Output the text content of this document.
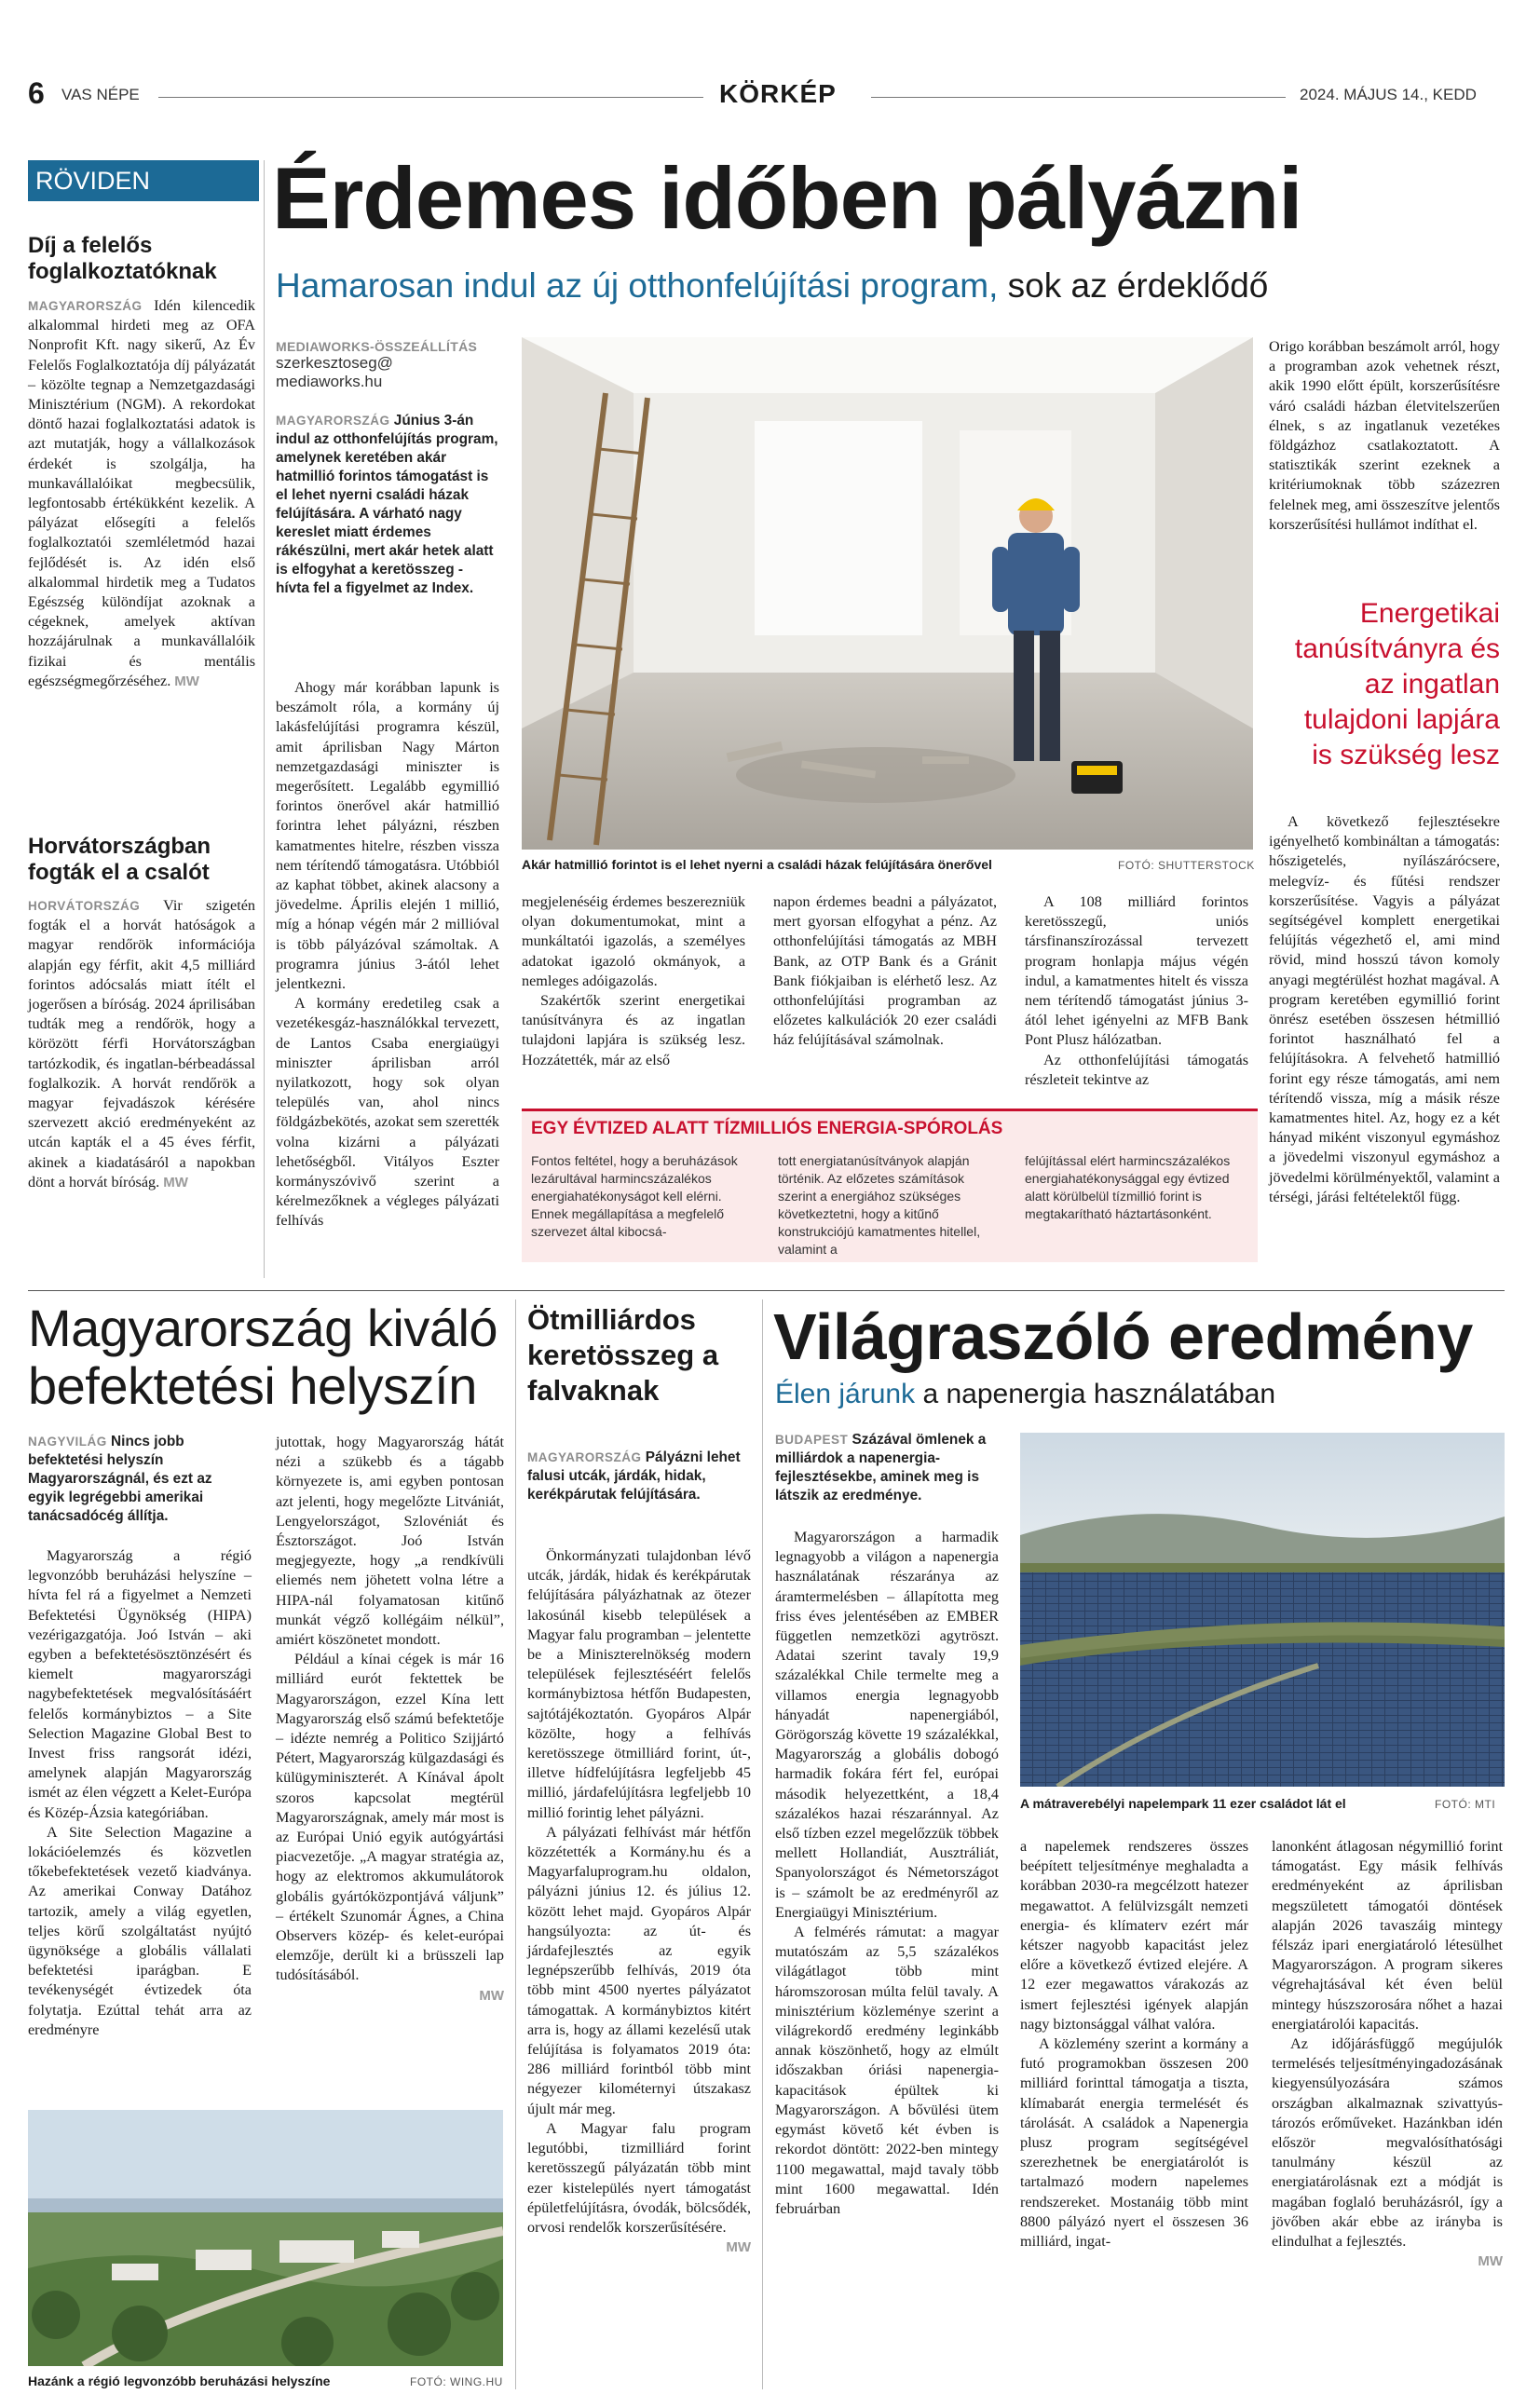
6 VAS NÉPE	KÖRKÉP	2024. MÁJUS 14., KEDD
RÖVIDEN
Díj a felelős foglalkoztatóknak

MAGYARORSZÁG Idén kilencedik alkalommal hirdeti meg az OFA Nonprofit Kft. nagy sikerű, Az Év Felelős Foglalkoztatója díj pályázatát – közölte tegnap a Nemzetgazdasági Minisztérium (NGM). A rekordokat döntő hazai foglalkoztatási adatok is azt mutatják, hogy a vállalkozások érdekét is szolgálja, ha munkavállalóikat megbecsülik, legfontosabb értékükként kezelik. A pályázat elősegíti a felelős foglalkoztatói szemléletmód hazai fejlődését is. Az idén első alkalommal hirdetik meg a Tudatos Egészség különdíjat azoknak a cégeknek, amelyek aktívan hozzájárulnak a munkavállalóik fizikai és mentális egészségmegőrzéséhez. MW

Horvátországban fogták el a csalót

HORVÁTORSZÁG Vir szigetén fogták el a horvát hatóságok a magyar rendőrök információja alapján egy férfit, akit 4,5 milliárd forintos adócsalás miatt ítélt el jogerősen a bíróság. 2024 áprilisában tudták meg a rendőrök, hogy a körözött férfi Horvátországban tartózkodik, és ingatlan-bérbeadással foglalkozik. A horvát rendőrök a magyar fejvadászok kérésére szervezett akció eredményeként az utcán kapták el a 45 éves férfit, akinek a kiadatásáról a napokban dönt a horvát bíróság. MW

Érdemes időben pályázni
Hamarosan indul az új otthonfelújítási program, sok az érdeklődő
MEDIAWORKS-ÖSSZEÁLLÍTÁS
szerkesztoseg@
mediaworks.hu
MAGYARORSZÁG Június 3-án indul az otthonfelújítás program, amelynek keretében akár hatmillió forintos támogatást is el lehet nyerni családi házak felújítására. A várható nagy kereslet miatt érdemes rákészülni, mert akár hetek alatt is elfogyhat a keretösszeg - hívta fel a figyelmet az Index.

Ahogy már korábban lapunk is beszámolt róla, a kormány új lakásfelújítási programra készül, amit áprilisban Nagy Márton nemzetgazdasági miniszter is megerősített. Legalább egymillió forintos önerővel akár hatmillió forintra lehet pályázni, részben kamatmentes hitelre, részben vissza nem térítendő támogatásra. Utóbbiól az kaphat többet, akinek alacsony a jövedelme. Április elején 1 millió, míg a hónap végén már 2 millióval is több pályázóval számoltak. A programra június 3-ától lehet jelentkezni.

A kormány eredetileg csak a vezetékesgáz-használókkal tervezett, de Lantos Csaba energiaügyi miniszter áprilisban arról nyilatkozott, hogy sok olyan település van, ahol nincs földgázbekötés, azokat sem szerették volna kizárni a pályázati lehetőségből. Vitályos Eszter kormányszóvivő szerint a kérelmezőknek a végleges pályázati felhívás

Akár hatmillió forintot is el lehet nyerni a családi házak felújítására önerővel	FOTÓ: SHUTTERSTOCK

megjelenéséig érdemes beszerezniük olyan dokumentumokat, mint a munkáltatói igazolás, a személyes adatokat igazoló okmányok, a nemleges adóigazolás.

Szakértők szerint energetikai tanúsítványra és az ingatlan tulajdoni lapjára is szükség lesz. Hozzátették, már az első

napon érdemes beadni a pályázatot, mert gyorsan elfogyhat a pénz. Az otthonfelújítási támogatás az MBH Bank, az OTP Bank és a Gránit Bank fiókjaiban is elérhető lesz. Az otthonfelújítási programban az előzetes kalkulációk 20 ezer családi ház felújításával számolnak.

A 108 milliárd forintos keretösszegű, uniós társfinanszírozással tervezett program honlapja május végén indul, a kamatmentes hitelt és vissza nem térítendő támogatást június 3-ától lehet igényelni az MFB Bank Pont Plusz hálózatban.

Az otthonfelújítási támogatás részleteit tekintve az

Origo korábban beszámolt arról, hogy a programban azok vehetnek részt, akik 1990 előtt épült, korszerűsítésre váró családi házban életvitelszerűen élnek, s az ingatlanuk vezetékes földgázhoz csatlakoztatott. A statisztikák szerint ezeknek a kritériumoknak több százezren felelnek meg, ami összeszítve jelentős korszerűsítési hullámot indíthat el.

Energetikai tanúsítványra és az ingatlan tulajdoni lapjára is szükség lesz

A következő fejlesztésekre igényelhető kombináltan a támogatás: hőszigetelés, nyílászárócsere, melegvíz- és fűtési rendszer korszerűsítése. Vagyis a pályázat segítségével komplett energetikai felújítás végezhető el, ami mind rövid, mind hosszú távon komoly anyagi megtérülést hozhat magával. A program keretében egymillió forint önrész esetében összesen hétmillió forintot használható fel a felújításokra. A felvehető hatmillió forint egy része támogatás, ami nem térítendő vissza, míg a másik része kamatmentes hitel. Az, hogy ez a két hányad miként viszonyul egymáshoz a jövedelmi viszonyul egymáshoz a jövedelmi körülményektől, valamint a térségi, járási feltételektől függ.

EGY ÉVTIZED ALATT TÍZMILLIÓS ENERGIA-SPÓROLÁS
Fontos feltétel, hogy a beruházások lezárultával harmincszázalékos energiahatékonyságot kell elérni. Ennek megállapítása a megfelelő szervezet által kibocsá-
tott energiatanúsítványok alapján történik. Az előzetes számítások szerint a energiához szükséges következtetni, hogy a kitűnő konstrukciójú kamatmentes hitellel, valamint a
felújítással elért harmincszázalékos energiahatékonysággal egy évtized alatt körülbelül tízmillió forint is megtakarítható háztartásonként.
Magyarország kiváló befektetési helyszín
NAGYVILÁG Nincs jobb befektetési helyszín Magyarországnál, és ezt az egyik legrégebbi amerikai tanácsadócég állítja.

Magyarország a régió legvonzóbb beruházási helyszíne – hívta fel rá a figyelmet a Nemzeti Befektetési Ügynökség (HIPA) vezérigazgatója. Joó István – aki egyben a befektetésösztönzésért és kiemelt magyarországi nagybefektetések megvalósításáért felelős kormánybiztos – a Site Selection Magazine Global Best to Invest friss rangsorát idézi, amelynek alapján Magyarország ismét az élen végzett a Kelet-Európa és Közép-Ázsia kategóriában.

A Site Selection Magazine a lokációelemzés és közvetlen tőkebefektetések vezető kiadványa. Az amerikai Conway Datához tartozik, amely a világ egyetlen, teljes körű szolgáltatást nyújtó ügynöksége a globális vállalati befektetési iparágban. E tevékenységét évtizedek óta folytatja. Ezúttal tehát arra az eredményre

jutottak, hogy Magyarország hátát nézi a szükebb és a tágabb környezete is, ami egyben pontosan azt jelenti, hogy megelőzte Litvániát, Lengyelországot, Szlovéniát és Észtországot. Joó István megjegyezte, hogy „a rendkívüli eliemés nem jöhetett volna létre a HIPA-nál folyamatosan kitűnő munkát végző kollégáim nélkül”, amiért köszönetet mondott.

Például a kínai cégek is már 16 milliárd eurót fektettek be Magyarországon, ezzel Kína lett Magyarország első számú befektetője – idézte nemrég a Politico Szijjártó Pétert, Magyarország külgazdasági és külügyminiszterét. A Kínával ápolt szoros kapcsolat megtérül Magyarországnak, amely már most is az Európai Unió egyik autógyártási piacvezetője. „A magyar stratégia az, hogy az elektromos akkumulátorok globális gyártóközpontjává váljunk” – értékelt Szunomár Ágnes, a China Observers közép- és kelet-európai elemzője, derült ki a brüsszeli lap tudósításából.

MW

Hazánk a régió legvonzóbb beruházási helyszíne	FOTÓ: WING.HU
Ötmilliárdos keretösszeg a falvaknak
MAGYARORSZÁG Pályázni lehet falusi utcák, járdák, hidak, kerékpárutak felújítására.

Önkormányzati tulajdonban lévő utcák, járdák, hidak és kerékpárutak felújítására pályázhatnak az ötezer lakosúnál kisebb települések a Magyar falu programban – jelentette be a Miniszterelnökség modern települések fejlesztéséért felelős kormánybiztosa hétfőn Budapesten, sajtótájékoztatón. Gyopáros Alpár közölte, hogy a felhívás keretösszege ötmilliárd forint, út-, illetve hídfelújításra legfeljebb 45 millió, járdafelújításra legfeljebb 10 millió forintig lehet pályázni.

A pályázati felhívást már hétfőn közzétették a Kormány.hu és a Magyarfaluprogram.hu oldalon, pályázni június 12. és július 12. között lehet majd. Gyopáros Alpár hangsúlyozta: az út- és járdafejlesztés az egyik legnépszerűbb felhívás, 2019 óta több mint 4500 nyertes pályázatot támogattak. A kormánybiztos kitért arra is, hogy az állami kezelésű utak felújítása is folyamatos 2019 óta: 286 milliárd forintból több mint négyezer kilométernyi útszakasz újult már meg.

A Magyar falu program legutóbbi, tizmilliárd forint keretösszegű pályázatán több mint ezer kistelepülés nyert támogatást épületfelújításra, óvodák, bölcsődék, orvosi rendelők korszerűsítésére.

MW

Világraszóló eredmény
Élen járunk a napenergia használatában
BUDAPEST Százával ömlenek a milliárdok a napenergia-fejlesztésekbe, aminek meg is látszik az eredménye.

Magyarországon a harmadik legnagyobb a világon a napenergia használatának részaránya az áramtermelésben – állapította meg friss éves jelentésében az EMBER független nemzetközi agytröszt. Adatai szerint tavaly 19,9 százalékkal Chile termelte meg a villamos energia legnagyobb hányadát napenergiából, Görögország követte 19 százalékkal, Magyarország a globális dobogó harmadik fokára fért fel, európai második helyezettként, a 18,4 százalékos hazai részaránnyal. Az első tízben ezzel megelőzzük többek mellett Hollandiát, Ausztráliát, Spanyolországot és Németországot is – számolt be az eredményről az Energiaügyi Minisztérium.

A felmérés rámutat: a magyar mutatószám az 5,5 százalékos világátlagot több mint háromszorosan múlta felül tavaly. A minisztérium közleménye szerint a világrekordő eredmény leginkább annak köszönhető, hogy az elmúlt időszakban óriási napenergia-kapacitások épültek ki Magyarországon. A bővülési ütem egymást követő két évben is rekordot döntött: 2022-ben mintegy 1100 megawattal, majd tavaly több mint 1600 megawattal. Idén februárban

A mátraverebélyi napelempark 11 ezer családot lát el	FOTÓ: MTI

a napelemek rendszeres összes beépített teljesítménye meghaladta a korábban 2030-ra megcélzott hatezer megawattot. A felülvizsgált nemzeti energia- és klímaterv ezért már kétszer nagyobb kapacitást jelez előre a következő évtized elejére. A 12 ezer megawattos várakozás az ismert fejlesztési igények alapján nagy biztonsággal válhat valóra.

A közlemény szerint a kormány a futó programokban összesen 200 milliárd forinttal támogatja a tiszta, klímabarát energia termelését és tárolását. A családok a Napenergia plusz program segítségével szerezhetnek be energiatárolót is tartalmazó modern napelemes rendszereket. Mostanáig több mint 8800 pályázó nyert el összesen 36 milliárd, ingat-

lanonként átlagosan négymillió forint támogatást. Egy másik felhívás eredményeként az áprilisban megszületett támogatói döntések alapján 2026 tavaszáig mintegy félszáz ipari energiatároló létesülhet Magyarországon. A program sikeres végrehajtásával két éven belül mintegy húszszorosára nőhet a hazai energiatárolói kapacitás.

Az időjárásfüggő megújulók termelésés teljesítményingadozásának kiegyensúlyozására számos országban alkalmaznak szivattyús-tározós erőműveket. Hazánkban idén először megvalósíthatósági tanulmány készül az energiatárolásnak ezt a módját is magában foglaló beruházásról, így a jövőben akár ebbe az irányba is elindulhat a fejlesztés.

MW
